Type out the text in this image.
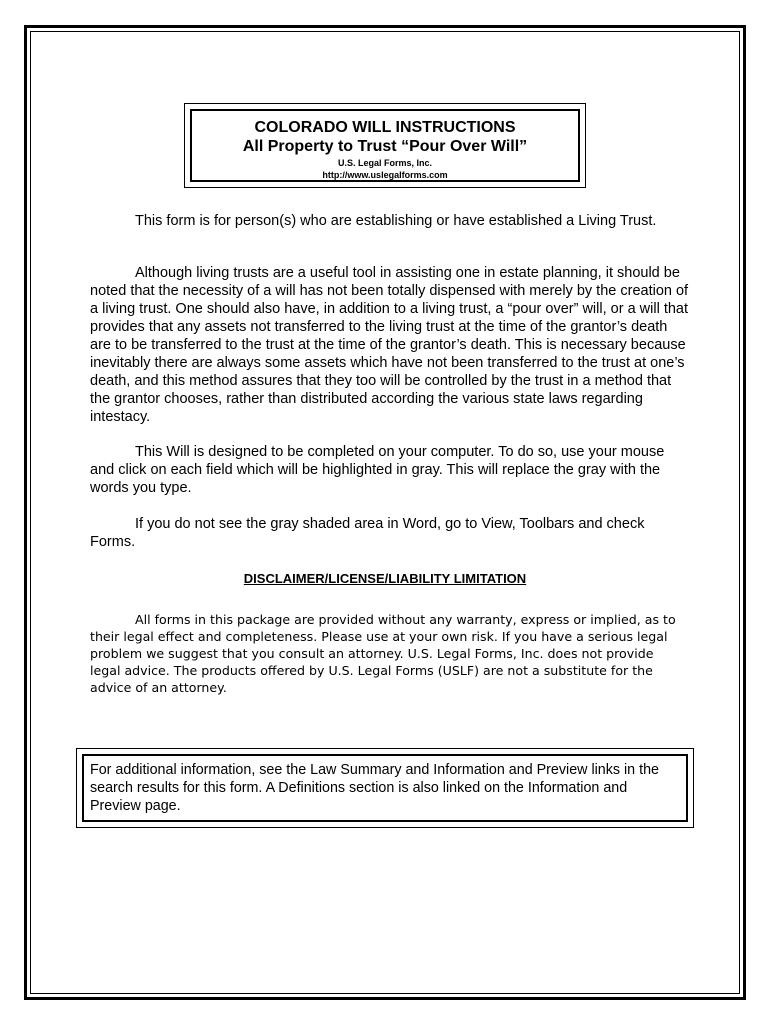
COLORADO WILL INSTRUCTIONS
All Property to Trust “Pour Over Will”
U.S. Legal Forms, Inc.
http://www.uslegalforms.com

This form is for person(s) who are establishing or have established a Living Trust.

Although living trusts are a useful tool in assisting one in estate planning, it should be noted that the necessity of a will has not been totally dispensed with merely by the creation of a living trust. One should also have, in addition to a living trust, a “pour over” will, or a will that provides that any assets not transferred to the living trust at the time of the grantor’s death are to be transferred to the trust at the time of the grantor’s death. This is necessary because inevitably there are always some assets which have not been transferred to the trust at one’s death, and this method assures that they too will be controlled by the trust in a method that the grantor chooses, rather than distributed according the various state laws regarding intestacy.

This Will is designed to be completed on your computer. To do so, use your mouse and click on each field which will be highlighted in gray. This will replace the gray with the words you type.

If you do not see the gray shaded area in Word, go to View, Toolbars and check Forms.

DISCLAIMER/LICENSE/LIABILITY LIMITATION

All forms in this package are provided without any warranty, express or implied, as to their legal effect and completeness. Please use at your own risk. If you have a serious legal problem we suggest that you consult an attorney. U.S. Legal Forms, Inc. does not provide legal advice. The products offered by U.S. Legal Forms (USLF) are not a substitute for the advice of an attorney.

For additional information, see the Law Summary and Information and Preview links in the search results for this form. A Definitions section is also linked on the Information and Preview page.
